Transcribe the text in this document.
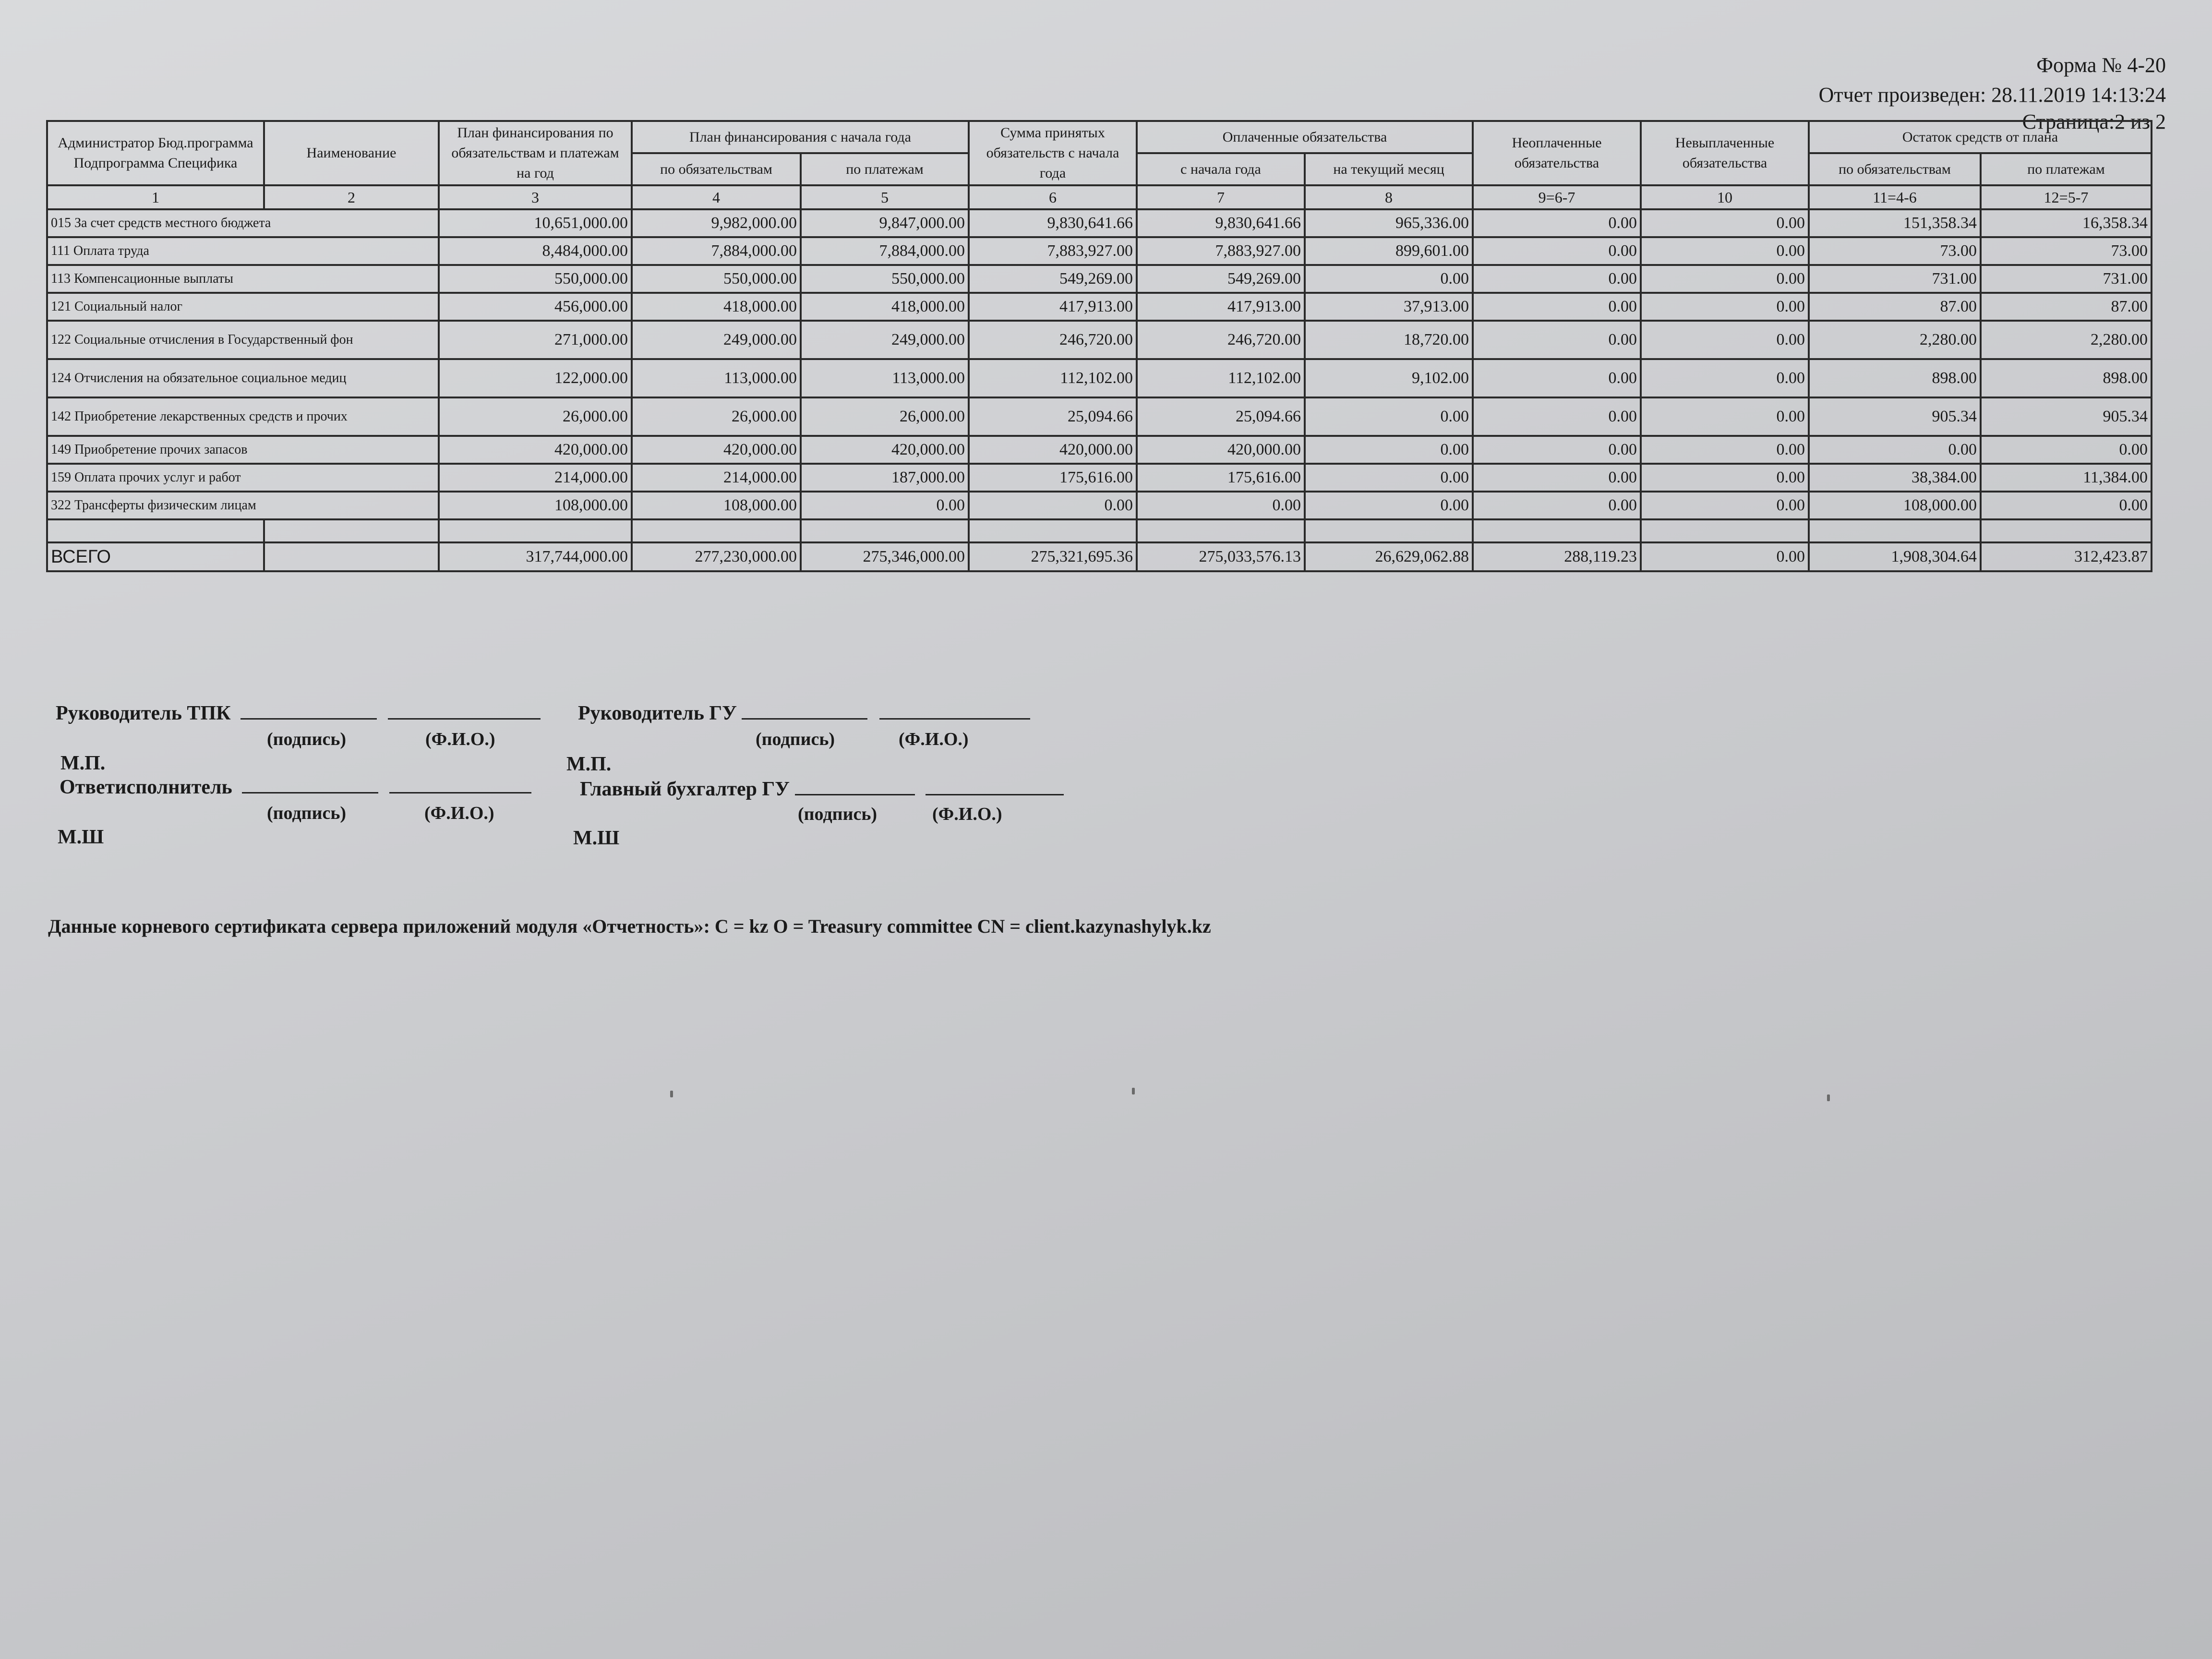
Форма № 4-20
Отчет произведен: 28.11.2019 14:13:24
Страница:2 из 2
Администратор Бюд.программа Подпрограмма Специфика	Наименование	План финансирования по обязательствам и платежам на год	План финансирования с начала года		Сумма принятых обязательств с начала года	Оплаченные обязательства		Неоплаченные обязательства	Невыплаченные обязательства	Остаток средств от плана	
			по обязательствам	по платежам		с начала года	на текущий месяц			по обязательствам	по платежам
1	2	3	4	5	6	7	8	9=6-7	10	11=4-6	12=5-7
015 За счет средств местного бюджета		10,651,000.00	9,982,000.00	9,847,000.00	9,830,641.66	9,830,641.66	965,336.00	0.00	0.00	151,358.34	16,358.34
111 Оплата труда		8,484,000.00	7,884,000.00	7,884,000.00	7,883,927.00	7,883,927.00	899,601.00	0.00	0.00	73.00	73.00
113 Компенсационные выплаты		550,000.00	550,000.00	550,000.00	549,269.00	549,269.00	0.00	0.00	0.00	731.00	731.00
121 Социальный налог		456,000.00	418,000.00	418,000.00	417,913.00	417,913.00	37,913.00	0.00	0.00	87.00	87.00
122 Социальные отчисления в Государственный фон		271,000.00	249,000.00	249,000.00	246,720.00	246,720.00	18,720.00	0.00	0.00	2,280.00	2,280.00
124 Отчисления на обязательное социальное медиц		122,000.00	113,000.00	113,000.00	112,102.00	112,102.00	9,102.00	0.00	0.00	898.00	898.00
142 Приобретение лекарственных средств и прочих		26,000.00	26,000.00	26,000.00	25,094.66	25,094.66	0.00	0.00	0.00	905.34	905.34
149 Приобретение прочих запасов		420,000.00	420,000.00	420,000.00	420,000.00	420,000.00	0.00	0.00	0.00	0.00	0.00
159 Оплата прочих услуг и работ		214,000.00	214,000.00	187,000.00	175,616.00	175,616.00	0.00	0.00	0.00	38,384.00	11,384.00
322 Трансферты физическим лицам		108,000.00	108,000.00	0.00	0.00	0.00	0.00	0.00	0.00	108,000.00	0.00

ВСЕГО		317,744,000.00	277,230,000.00	275,346,000.00	275,321,695.36	275,033,576.13	26,629,062.88	288,119.23	0.00	1,908,304.64	312,423.87
Руководитель ТПК
(подпись)	(Ф.И.О.)
Руководитель ГУ
(подпись)	(Ф.И.О.)
М.П.	М.П.
Ответисполнитель
(подпись)	(Ф.И.О.)
Главный бухгалтер ГУ
(подпись)	(Ф.И.О.)
М.Ш	М.Ш
Данные корневого сертификата сервера приложений модуля «Отчетность»: C = kz O = Treasury committee CN = client.kazynashylyk.kz
